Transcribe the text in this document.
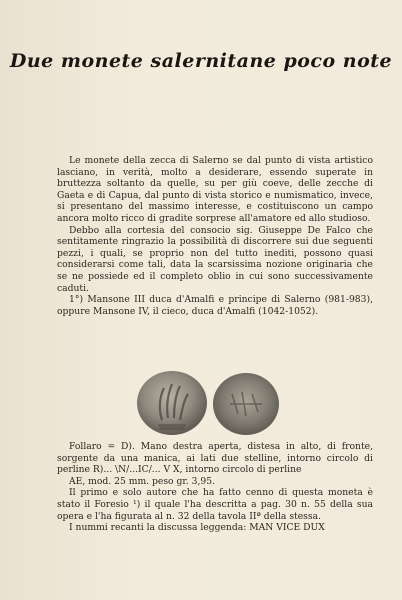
Due monete salernitane poco note

Le monete della zecca di Salerno se dal punto di vista artistico lasciano, in verità, molto a desiderare, essendo superate in bruttezza soltanto da quelle, su per giù coeve, delle zecche di Gaeta e di Capua, dal punto di vista storico e numismatico, invece, si presentano del massimo interesse, e costituiscono un campo ancora molto ricco di gradite sorprese all'amatore ed allo studioso.

Debbo alla cortesia del consocio sig. Giuseppe De Falco che sentitamente ringrazio la possibilità di discorrere sui due seguenti pezzi, i quali, se proprio non del tutto inediti, possono quasi considerarsi come tali, data la scarsissima nozione originaria che se ne possiede ed il completo oblio in cui sono successivamente caduti.

1°) Mansone III duca d'Amalfi e principe di Salerno (981-983), oppure Mansone IV, il cieco, duca d'Amalfi (1042-1052).

Follaro = D). Mano destra aperta, distesa in alto, di fronte, sorgente da una manica, ai lati due stelline, intorno circolo di perline R)... \N/...IC/... V X, intorno circolo di perline

AE, mod. 25 mm. peso gr. 3,95.

Il primo e solo autore che ha fatto cenno di questa moneta è stato il Foresio ¹) il quale l'ha descritta a pag. 30 n. 55 della sua opera e l'ha figurata al n. 32 della tavola IIª della stessa.

I nummi recanti la discussa leggenda: MAN VICE DUX
